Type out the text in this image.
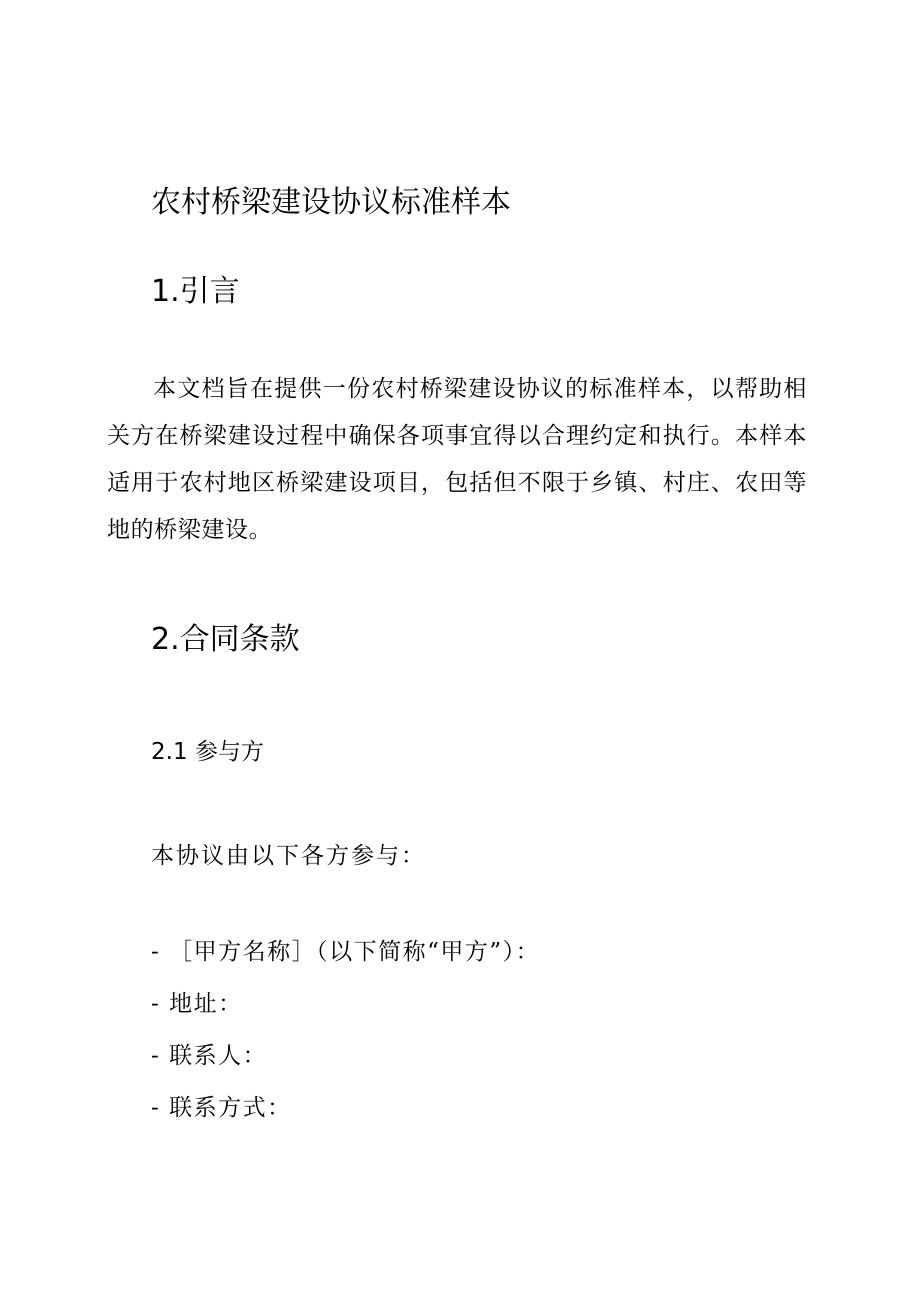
农村桥梁建设协议标准样本
1.引言

本文档旨在提供一份农村桥梁建设协议的标准样本，以帮助相关方在桥梁建设过程中确保各项事宜得以合理约定和执行。本样本适用于农村地区桥梁建设项目，包括但不限于乡镇、村庄、农田等地的桥梁建设。

2.合同条款
2.1 参与方
本协议由以下各方参与：
- ［甲方名称］（以下简称“甲方”）：
- 地址：
- 联系人：
- 联系方式：
